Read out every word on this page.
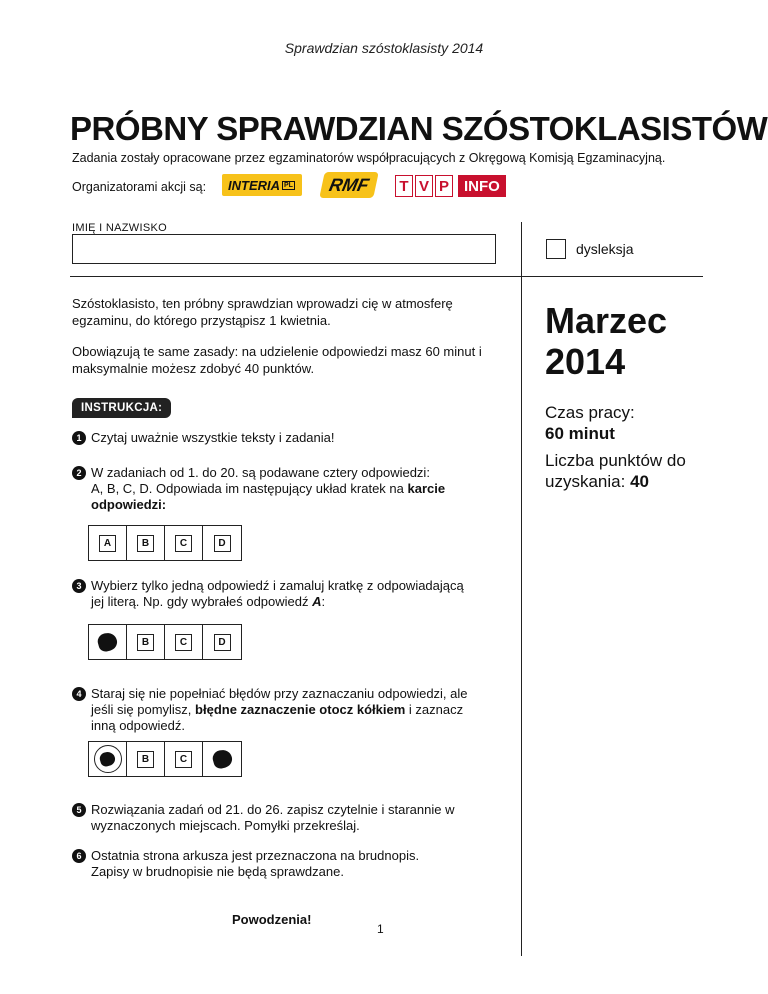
Sprawdzian szóstoklasisty 2014
PRÓBNY SPRAWDZIAN SZÓSTOKLASISTÓW
Zadania zostały opracowane przez egzaminatorów współpracujących z Okręgową Komisją Egzaminacyjną.
Organizatorami akcji są: INTERIA PL RMF T V P	INFO
IMIĘ I NAZWISKO
dysleksja
Szóstoklasisto, ten próbny sprawdzian wprowadzi cię w atmosferę egzaminu, do którego przystąpisz 1 kwietnia.
Obowiązują te same zasady: na udzielenie odpowiedzi masz 60 minut i maksymalnie możesz zdobyć 40 punktów.
INSTRUKCJA:
1 Czytaj uważnie wszystkie teksty i zadania!
2 W zadaniach od 1. do 20. są podawane cztery odpowiedzi:
A, B, C, D. Odpowiada im następujący układ kratek na karcie odpowiedzi:
A	B	C	D
3 Wybierz tylko jedną odpowiedź i zamaluj kratkę z odpowiadającą
jej literą. Np. gdy wybrałeś odpowiedź A:
B	C	D
4 Staraj się nie popełniać błędów przy zaznaczaniu odpowiedzi, ale
jeśli się pomylisz, błędne zaznaczenie otocz kółkiem i zaznacz
inną odpowiedź.
B	C
5 Rozwiązania zadań od 21. do 26. zapisz czytelnie i starannie w
wyznaczonych miejscach. Pomyłki przekreślaj.
6 Ostatnia strona arkusza jest przeznaczona na brudnopis.
Zapisy w brudnopisie nie będą sprawdzane.
Marzec
2014
Czas pracy:
60 minut
Liczba punktów do uzyskania: 40
Powodzenia!
1
